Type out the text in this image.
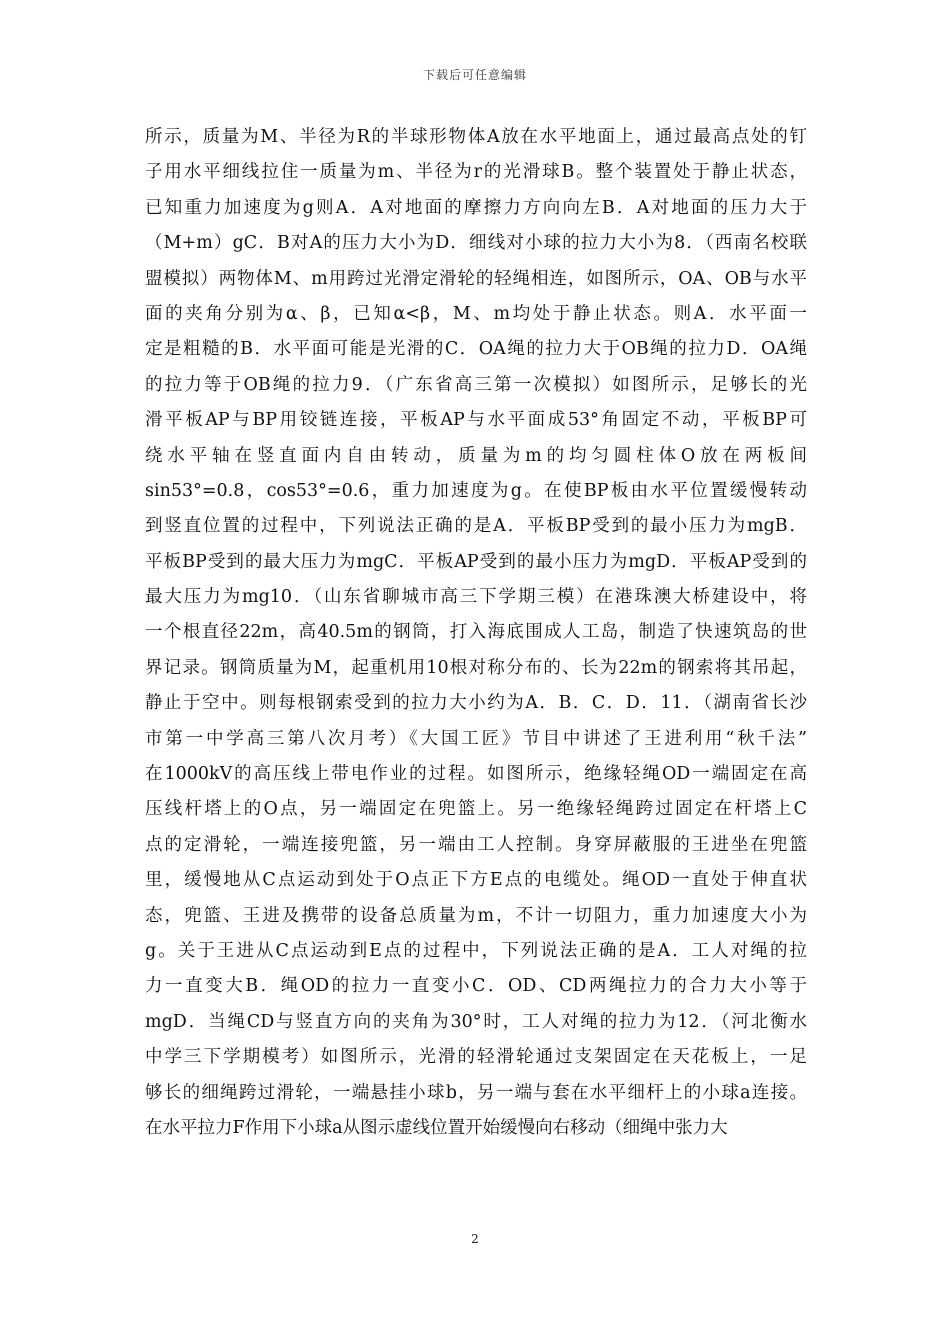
下载后可任意编辑
所示，质量为M、半径为R的半球形物体A放在水平地面上，通过最高点处的钉
子用水平细线拉住一质量为m、半径为r的光滑球B。整个装置处于静止状态，
已知重力加速度为g则A．A对地面的摩擦力方向向左B．A对地面的压力大于
（M+m）gC．B对A的压力大小为D．细线对小球的拉力大小为8．（西南名校联
盟模拟）两物体M、m用跨过光滑定滑轮的轻绳相连，如图所示，OA、OB与水平
面的夹角分别为α、β，已知α<β，M、m均处于静止状态。则A．水平面一
定是粗糙的B．水平面可能是光滑的C．OA绳的拉力大于OB绳的拉力D．OA绳
的拉力等于OB绳的拉力9．（广东省高三第一次模拟）如图所示，足够长的光
滑平板AP与BP用铰链连接，平板AP与水平面成53°角固定不动，平板BP可
绕水平轴在竖直面内自由转动，质量为m的均匀圆柱体O放在两板间
sin53°=0.8，cos53°=0.6，重力加速度为g。在使BP板由水平位置缓慢转动
到竖直位置的过程中，下列说法正确的是A．平板BP受到的最小压力为mgB．
平板BP受到的最大压力为mgC．平板AP受到的最小压力为mgD．平板AP受到的
最大压力为mg10．（山东省聊城市高三下学期三模）在港珠澳大桥建设中，将
一个根直径22m，高40.5m的钢筒，打入海底围成人工岛，制造了快速筑岛的世
界记录。钢筒质量为M，起重机用10根对称分布的、长为22m的钢索将其吊起，
静止于空中。则每根钢索受到的拉力大小约为A．B．C．D．11．（湖南省长沙
市第一中学高三第八次月考）《大国工匠》节目中讲述了王进利用“秋千法”
在1000kV的高压线上带电作业的过程。如图所示，绝缘轻绳OD一端固定在高
压线杆塔上的O点，另一端固定在兜篮上。另一绝缘轻绳跨过固定在杆塔上C
点的定滑轮，一端连接兜篮，另一端由工人控制。身穿屏蔽服的王进坐在兜篮
里，缓慢地从C点运动到处于O点正下方E点的电缆处。绳OD一直处于伸直状
态，兜篮、王进及携带的设备总质量为m，不计一切阻力，重力加速度大小为
g。关于王进从C点运动到E点的过程中，下列说法正确的是A．工人对绳的拉
力一直变大B．绳OD的拉力一直变小C．OD、CD两绳拉力的合力大小等于
mgD．当绳CD与竖直方向的夹角为30°时，工人对绳的拉力为12．（河北衡水
中学三下学期模考）如图所示，光滑的轻滑轮通过支架固定在天花板上，一足
够长的细绳跨过滑轮，一端悬挂小球b，另一端与套在水平细杆上的小球a连接。
在水平拉力F作用下小球a从图示虚线位置开始缓慢向右移动（细绳中张力大
2
